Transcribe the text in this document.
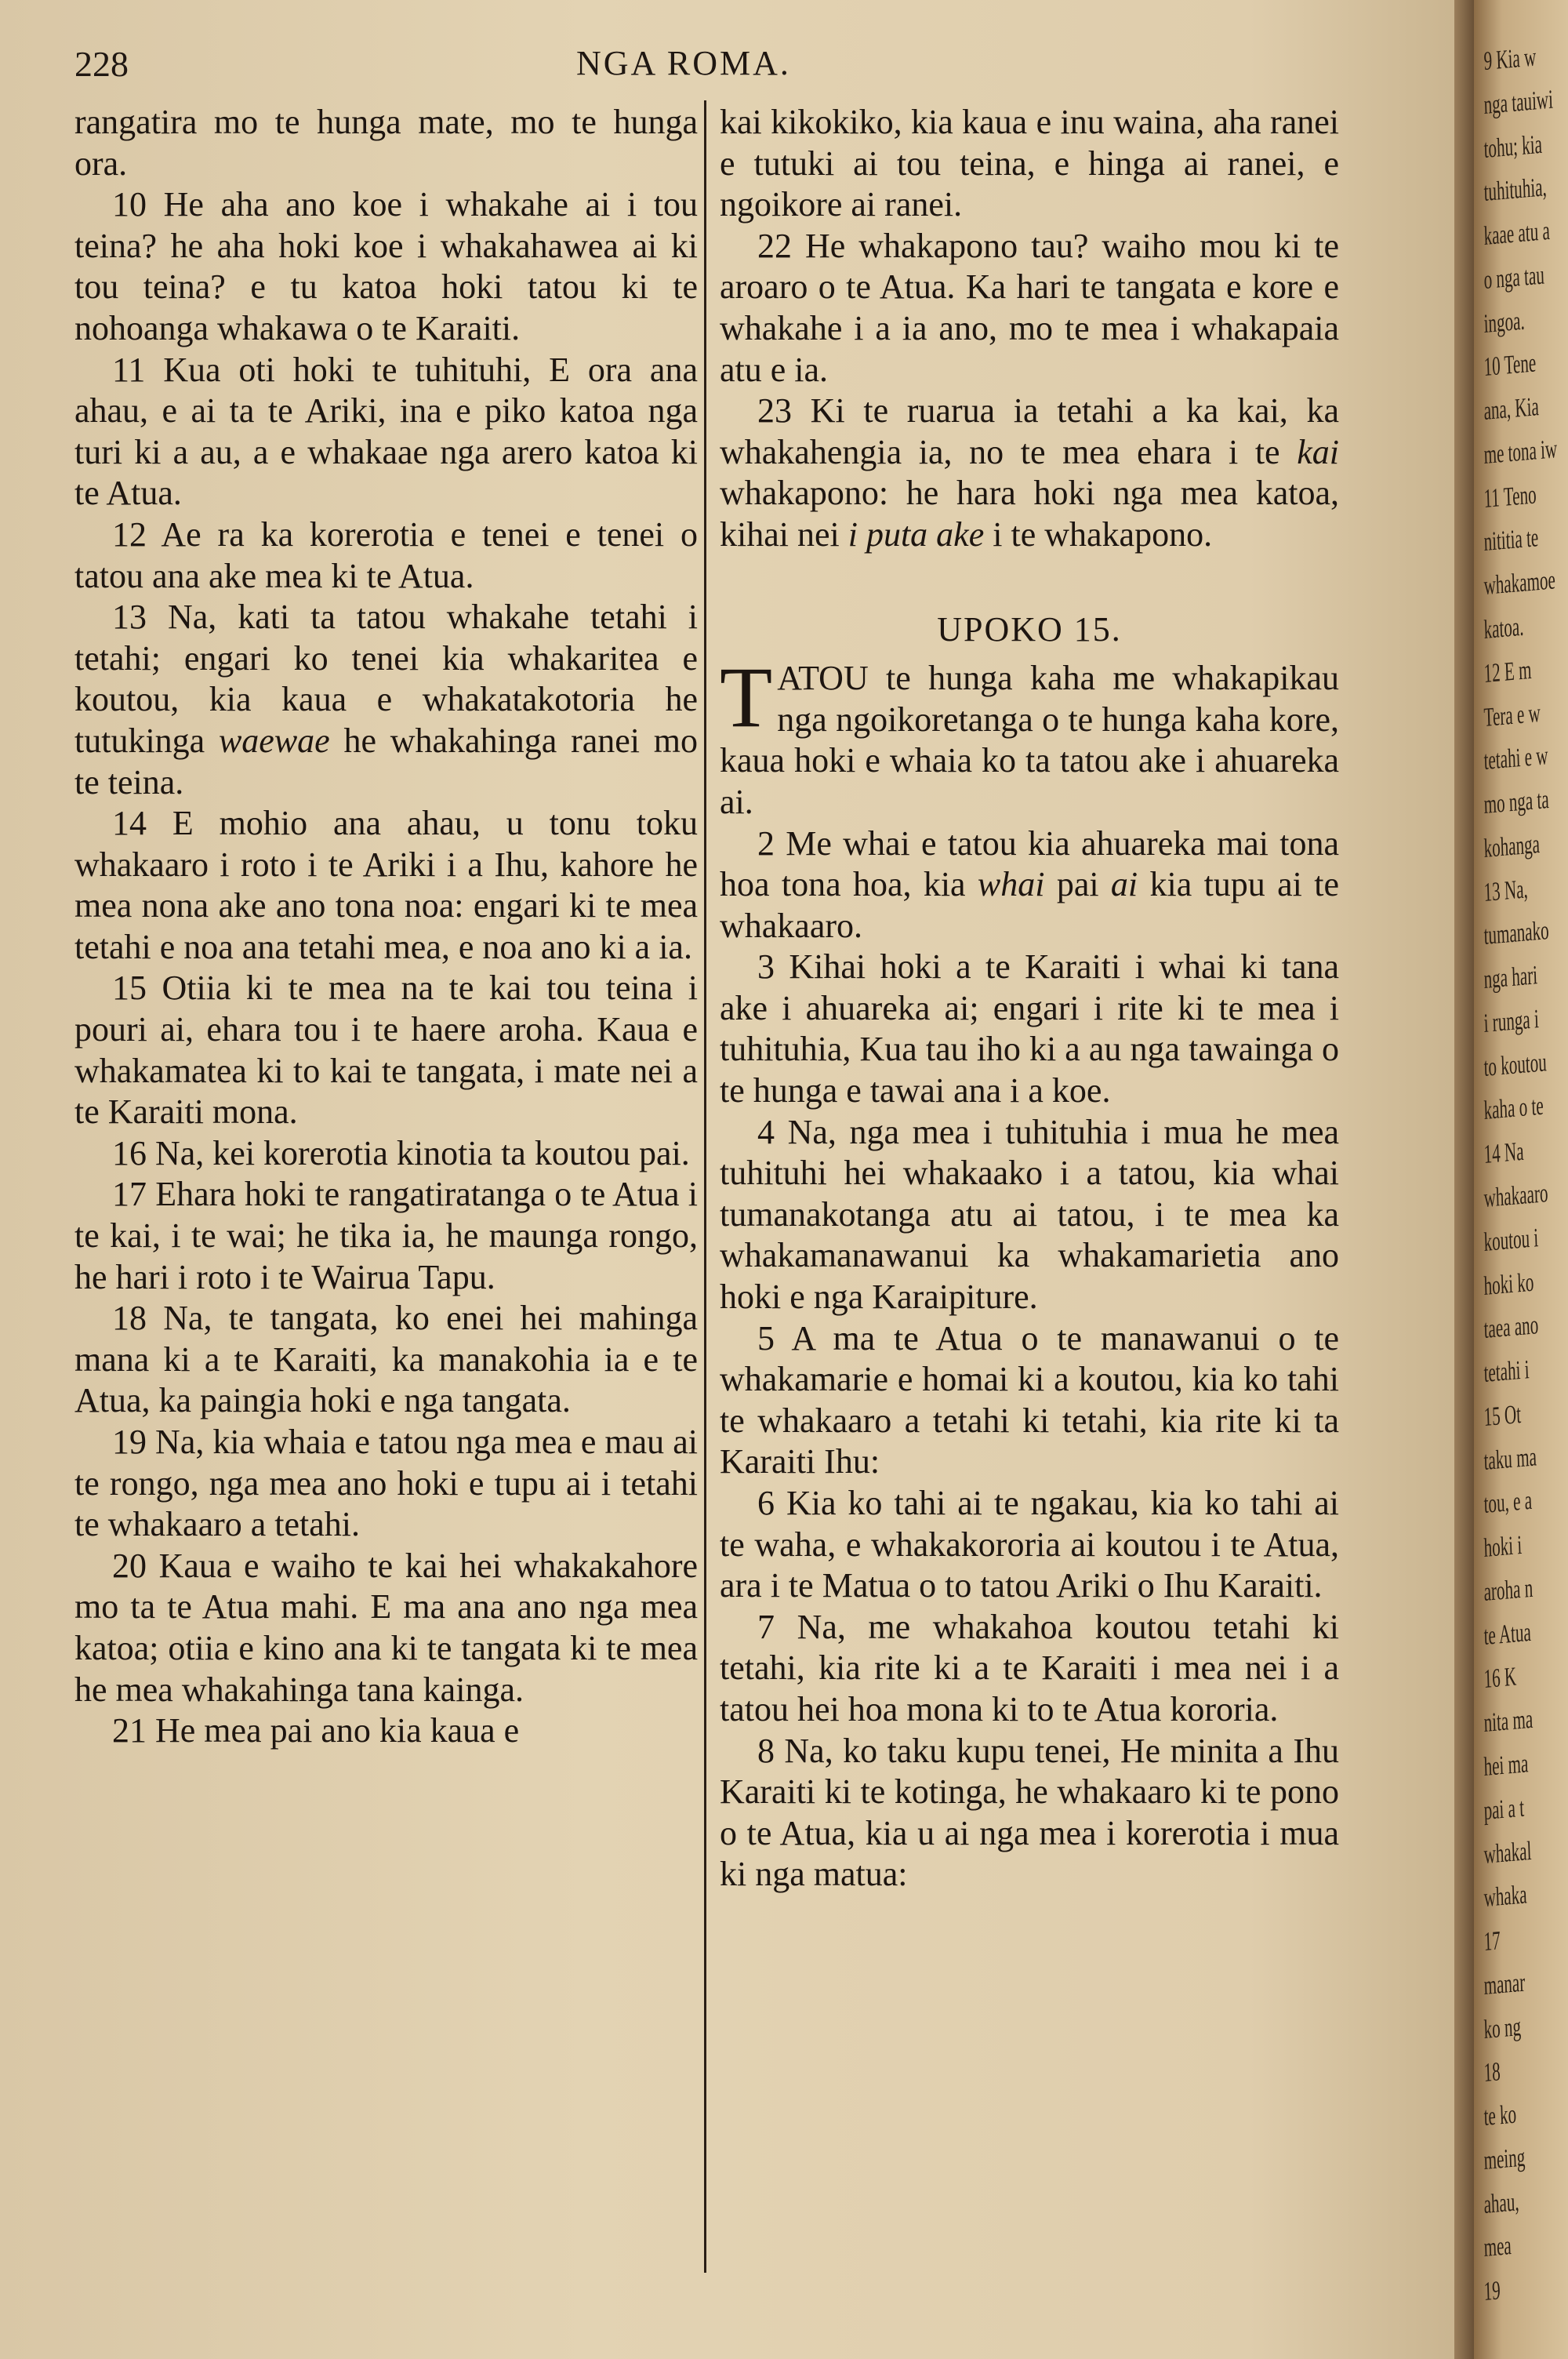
228	NGA ROMA.

rangatira mo te hunga mate, mo te hunga ora.

10 He aha ano koe i whakahe ai i tou teina? he aha hoki koe i whakahawea ai ki tou teina? e tu katoa hoki tatou ki te nohoanga whakawa o te Karaiti.

11 Kua oti hoki te tuhituhi, E ora ana ahau, e ai ta te Ariki, ina e piko katoa nga turi ki a au, a e whakaae nga arero katoa ki te Atua.

12 Ae ra ka korerotia e tenei e tenei o tatou ana ake mea ki te Atua.

13 Na, kati ta tatou whakahe tetahi i tetahi; engari ko tenei kia whakaritea e koutou, kia kaua e whakatakotoria he tutukinga waewae he whakahinga ranei mo te teina.

14 E mohio ana ahau, u tonu toku whakaaro i roto i te Ariki i a Ihu, kahore he mea nona ake ano tona noa: engari ki te mea tetahi e noa ana tetahi mea, e noa ano ki a ia.

15 Otiia ki te mea na te kai tou teina i pouri ai, ehara tou i te haere aroha. Kaua e whakamatea ki to kai te tangata, i mate nei a te Karaiti mona.

16 Na, kei korerotia kinotia ta koutou pai.

17 Ehara hoki te rangatiratanga o te Atua i te kai, i te wai; he tika ia, he maunga rongo, he hari i roto i te Wairua Tapu.

18 Na, te tangata, ko enei hei mahinga mana ki a te Karaiti, ka manakohia ia e te Atua, ka paingia hoki e nga tangata.

19 Na, kia whaia e tatou nga mea e mau ai te rongo, nga mea ano hoki e tupu ai i tetahi te whakaaro a tetahi.

20 Kaua e waiho te kai hei whakakahore mo ta te Atua mahi. E ma ana ano nga mea katoa; otiia e kino ana ki te tangata ki te mea he mea whakahinga tana kainga.

21 He mea pai ano kia kaua e

kai kikokiko, kia kaua e inu waina, aha ranei e tutuki ai tou teina, e hinga ai ranei, e ngoikore ai ranei.

22 He whakapono tau? waiho mou ki te aroaro o te Atua. Ka hari te tangata e kore e whakahe i a ia ano, mo te mea i whakapaia atu e ia.

23 Ki te ruarua ia tetahi a ka kai, ka whakahengia ia, no te mea ehara i te kai whakapono: he hara hoki nga mea katoa, kihai nei i puta ake i te whakapono.

UPOKO 15.

TATOU te hunga kaha me whakapikau nga ngoikoretanga o te hunga kaha kore, kaua hoki e whaia ko ta tatou ake i ahuareka ai.

2 Me whai e tatou kia ahuareka mai tona hoa tona hoa, kia whai pai ai kia tupu ai te whakaaro.

3 Kihai hoki a te Karaiti i whai ki tana ake i ahuareka ai; engari i rite ki te mea i tuhituhia, Kua tau iho ki a au nga tawainga o te hunga e tawai ana i a koe.

4 Na, nga mea i tuhituhia i mua he mea tuhituhi hei whakaako i a tatou, kia whai tumanakotanga atu ai tatou, i te mea ka whakamanawanui ka whakamarietia ano hoki e nga Karaipiture.

5 A ma te Atua o te manawanui o te whakamarie e homai ki a koutou, kia ko tahi te whakaaro a tetahi ki tetahi, kia rite ki ta Karaiti Ihu:

6 Kia ko tahi ai te ngakau, kia ko tahi ai te waha, e whakakororia ai koutou i te Atua, ara i te Matua o to tatou Ariki o Ihu Karaiti.

7 Na, me whakahoa koutou tetahi ki tetahi, kia rite ki a te Karaiti i mea nei i a tatou hei hoa mona ki to te Atua kororia.

8 Na, ko taku kupu tenei, He minita a Ihu Karaiti ki te kotinga, he whakaaro ki te pono o te Atua, kia u ai nga mea i korerotia i mua ki nga matua:

9 Kia w
nga tauiwi
tohu; kia
tuhituhia,
kaae atu a
o nga tau
ingoa.
10 Tene
ana, Kia
me tona iw
11 Teno
nititia te
whakamoe
katoa.
12 E m
Tera e w
tetahi e w
mo nga ta
kohanga
13 Na,
tumanako
nga hari
i runga i
to koutou
kaha o te
14 Na
whakaaro
koutou i
hoki ko
taea ano
tetahi i
15 Ot
taku ma
tou, e a
hoki i
aroha n
te Atua
16 K
nita ma
hei ma
pai a t
whakal
whaka
17
manar
ko ng
18
te ko
meing
ahau,
mea
19
